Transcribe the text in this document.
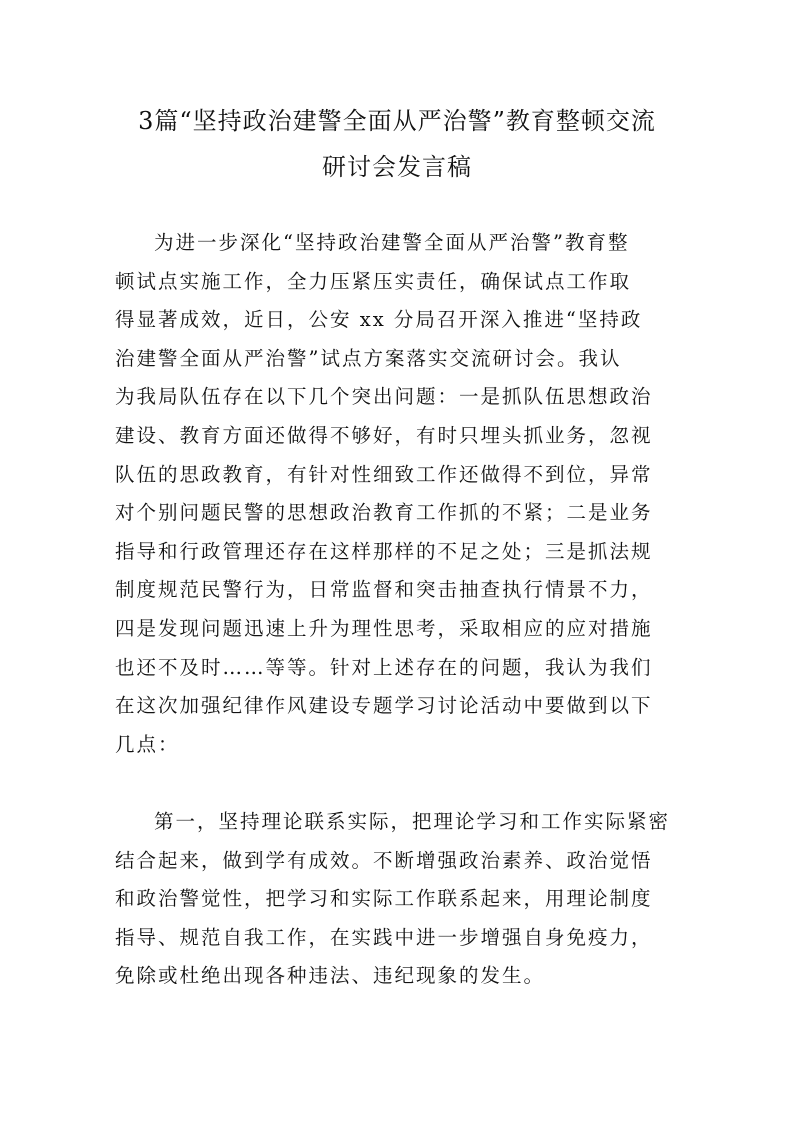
3篇“坚持政治建警全面从严治警”教育整顿交流
研讨会发言稿

为进一步深化“坚持政治建警全面从严治警”教育整
顿试点实施工作，全力压紧压实责任，确保试点工作取
得显著成效，近日，公安 xx 分局召开深入推进“坚持政
治建警全面从严治警”试点方案落实交流研讨会。我认
为我局队伍存在以下几个突出问题：一是抓队伍思想政治
建设、教育方面还做得不够好，有时只埋头抓业务，忽视
队伍的思政教育，有针对性细致工作还做得不到位，异常
对个别问题民警的思想政治教育工作抓的不紧；二是业务
指导和行政管理还存在这样那样的不足之处；三是抓法规
制度规范民警行为，日常监督和突击抽查执行情景不力，
四是发现问题迅速上升为理性思考，采取相应的应对措施
也还不及时……等等。针对上述存在的问题，我认为我们
在这次加强纪律作风建设专题学习讨论活动中要做到以下
几点：

第一，坚持理论联系实际，把理论学习和工作实际紧密
结合起来，做到学有成效。不断增强政治素养、政治觉悟
和政治警觉性，把学习和实际工作联系起来，用理论制度
指导、规范自我工作，在实践中进一步增强自身免疫力，
免除或杜绝出现各种违法、违纪现象的发生。
